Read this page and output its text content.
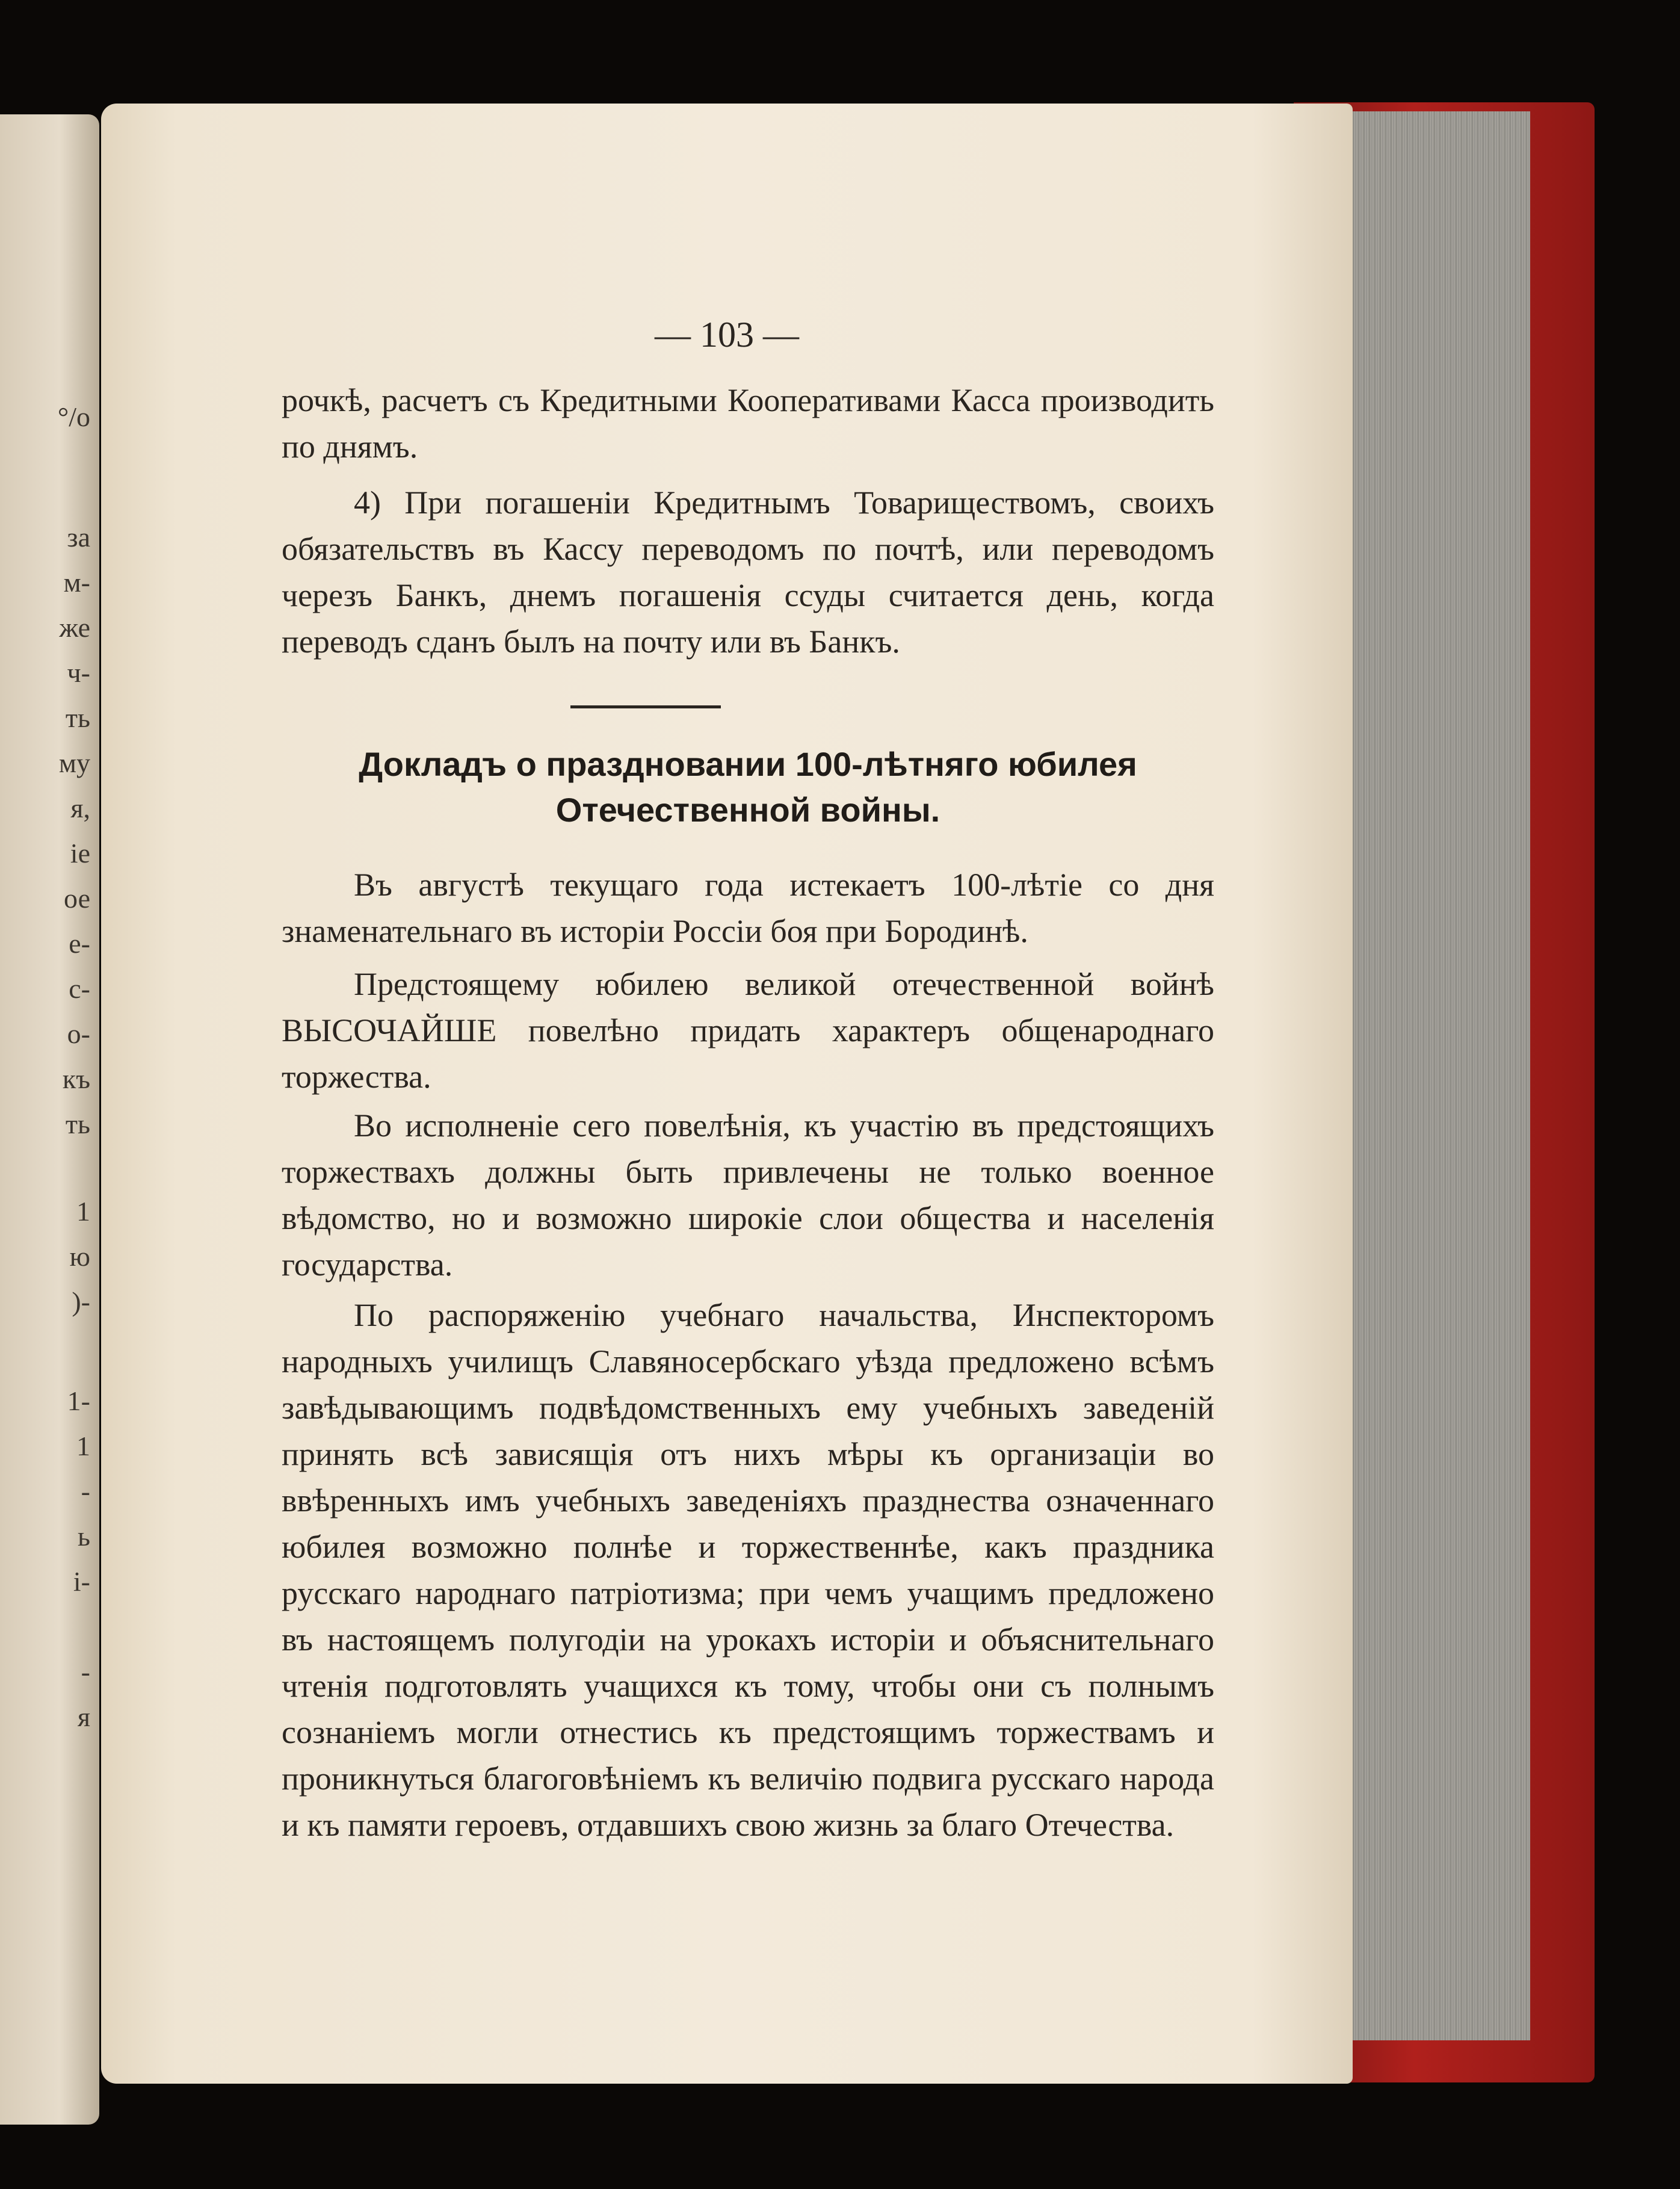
°/o
за
м-
же
ч-
ть
му
я,
іе
ое
е-
с-
о-
къ
ть
1
ю
)-
1-
1
-
ь
і-
-
я
— 103 —
рочкѣ, расчетъ съ Кредитными Кооперативами Касса производить по днямъ.
4) При погашеніи Кредитнымъ Товариществомъ, своихъ обязательствъ въ Кассу переводомъ по почтѣ, или переводомъ черезъ Банкъ, днемъ погашенія ссуды считается день, когда переводъ сданъ былъ на почту или въ Банкъ.
Докладъ о праздновании 100-лѣтняго юбилея Отечественной войны.
Въ августѣ текущаго года истекаетъ 100-лѣтіе со дня знаменательнаго въ исторіи Россіи боя при Бородинѣ.
Предстоящему юбилею великой отечественной войнѣ ВЫСОЧАЙШЕ повелѣно придать характеръ общенароднаго торжества.
Во исполненіе сего повелѣнія, къ участію въ предстоящихъ торжествахъ должны быть привлечены не только военное вѣдомство, но и возможно широкіе слои общества и населенія государства.
По распоряженію учебнаго начальства, Инспекторомъ народныхъ училищъ Славяносербскаго уѣзда предложено всѣмъ завѣдывающимъ подвѣдомственныхъ ему учебныхъ заведеній принять всѣ зависящія отъ нихъ мѣры къ организаціи во ввѣренныхъ имъ учебныхъ заведеніяхъ празднества означеннаго юбилея возможно полнѣе и торжественнѣе, какъ праздника русскаго народнаго патріотизма; при чемъ учащимъ предложено въ настоящемъ полугодіи на урокахъ исторіи и объяснительнаго чтенія подготовлять учащихся къ тому, чтобы они съ полнымъ сознаніемъ могли отнестись къ предстоящимъ торжествамъ и проникнуться благоговѣніемъ къ величію подвига русскаго народа и къ памяти героевъ, отдавшихъ свою жизнь за благо Отечества.
